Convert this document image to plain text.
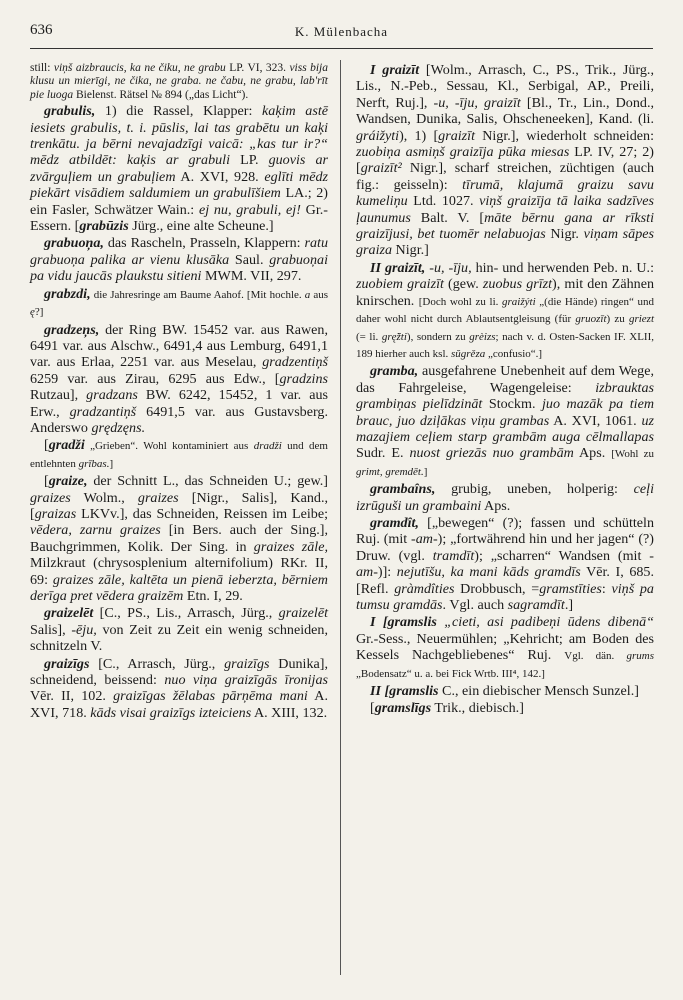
636	K. Mülenbacha

still: viņš aizbraucis, ka ne čiku, ne grabu LP. VI, 323. viss bija klusu un mierīgi, ne čika, ne graba. ne čabu, ne grabu, lab'rīt pie luoga Bielenst. Rätsel № 894 („das Licht“).

grabulis, 1) die Rassel, Klapper: kaķim astē iesiets grabulis, t. i. pūslis, lai tas grabētu un kaķi trenkātu. ja bērni nevajadzīgi vaicā: „kas tur ir?“ mēdz atbildēt: kaķis ar grabuli LP. guovis ar zvārguļiem un grabuļiem A. XVI, 928. eglīti mēdz piekārt visādiem saldumiem un grabulīšiem LA.; 2) ein Fasler, Schwätzer Wain.: ej nu, grabuli, ej! Gr.-Essern. [grabūzis Jürg., eine alte Scheune.]

grabuoņa, das Rascheln, Prasseln, Klappern: ratu grabuoņa palika ar vienu klusāka Saul. grabuoņai pa vidu jaucās plaukstu sitieni MWM. VII, 297.

grabzdi, die Jahresringe am Baume Aahof. [Mit hochle. a aus ę?]

gradzeņs, der Ring BW. 15452 var. aus Rawen, 6491 var. aus Alschw., 6491,4 aus Lemburg, 6491,1 var. aus Erlaa, 2251 var. aus Meselau, gradzentiņš 6259 var. aus Zirau, 6295 aus Edw., [gradzins Rutzau], gradzans BW. 6242, 15452, 1 var. aus Erw., gradzantiņš 6491,5 var. aus Gustavsberg. Anderswo grędzęns.

[gradži „Grieben“. Wohl kontaminiert aus dradži und dem entlehnten grības.]

[graize, der Schnitt L., das Schneiden U.; gew.] graizes Wolm., graizes [Nigr., Salis], Kand., [graizas LKVv.], das Schneiden, Reissen im Leibe; vēdera, zarnu graizes [in Bers. auch der Sing.], Bauchgrimmen, Kolik. Der Sing. in graizes zāle, Milzkraut (chrysosplenium alternifolium) RKr. II, 69: graizes zāle, kaltēta un pienā ieberzta, bērniem derīga pret vēdera graizēm Etn. I, 29.

graizelēt [C., PS., Lis., Arrasch, Jürg., graizelēt Salis], -ēju, von Zeit zu Zeit ein wenig schneiden, schnitzeln V.

graizīgs [C., Arrasch, Jürg., graizīgs Dunika], schneidend, beissend: nuo viņa graizīgās īronijas Vēr. II, 102. graizīgas žēlabas pārņēma mani A. XVI, 718. kāds visai graizīgs izteiciens A. XIII, 132.

I graizīt [Wolm., Arrasch, C., PS., Trik., Jürg., Lis., N.-Peb., Sessau, Kl., Serbigal, AP., Preili, Nerft, Ruj.], -u, -īju, graizīt [Bl., Tr., Lin., Dond., Wandsen, Dunika, Salis, Ohscheneeken], Kand. (li. gráižyti), 1) [graizīt Nigr.], wiederholt schneiden: zuobiņa asmiņš graizīja pūka miesas LP. IV, 27; 2) [graizīt² Nigr.], scharf streichen, züchtigen (auch fig.: geisseln): tīrumā, klajumā graizu savu kumeliņu Ltd. 1027. viņš graizīja tā laika sadzīves ļaunumus Balt. V. [māte bērnu gana ar rīksti graizījusi, bet tuomēr nelabuojas Nigr. viņam sāpes graiza Nigr.]

II graizīt, -u, -īju, hin- und herwenden Peb. n. U.: zuobiem graizīt (gew. zuobus grīzt), mit den Zähnen knirschen. [Doch wohl zu li. graižýti „(die Hände) ringen“ und daher wohl nicht durch Ablautsentgleisung (für gruozīt) zu griezt (= li. grę̃žti), sondern zu grèizs; nach v. d. Osten-Sacken IF. XLII, 189 hierher auch ksl. sŭgrěza „confusio“.]

gramba, ausgefahrene Unebenheit auf dem Wege, das Fahrgeleise, Wagengeleise: izbrauktas grambiņas pielīdzināt Stockm. juo mazāk pa tiem brauc, juo dziļākas viņu grambas A. XVI, 1061. uz mazajiem ceļiem starp grambām auga cēlmallapas Sudr. E. nuost griezās nuo grambām Aps. [Wohl zu grimt, gremdēt.]

grambaîns, grubig, uneben, holperig: ceļi izrūguši un grambaini Aps.

gramdît, [„bewegen“ (?); fassen und schütteln Ruj. (mit -am-); „fortwährend hin und her jagen“ (?) Druw. (vgl. tramdīt); „scharren“ Wandsen (mit -am-)]: nejutīšu, ka mani kāds gramdīs Vēr. I, 685. [Refl. gràmdîties Drobbusch, =gramstīties: viņš pa tumsu gramdās. Vgl. auch sagramdīt.]

I [gramslis „cieti, asi padibeņi ūdens dibenā“ Gr.-Sess., Neuermühlen; „Kehricht; am Boden des Kessels Nachgebliebenes“ Ruj. Vgl. dän. grums „Bodensatz“ u. a. bei Fick Wrtb. III⁴, 142.]

II [gramslis C., ein diebischer Mensch Sunzel.]

[gramslīgs Trik., diebisch.]
